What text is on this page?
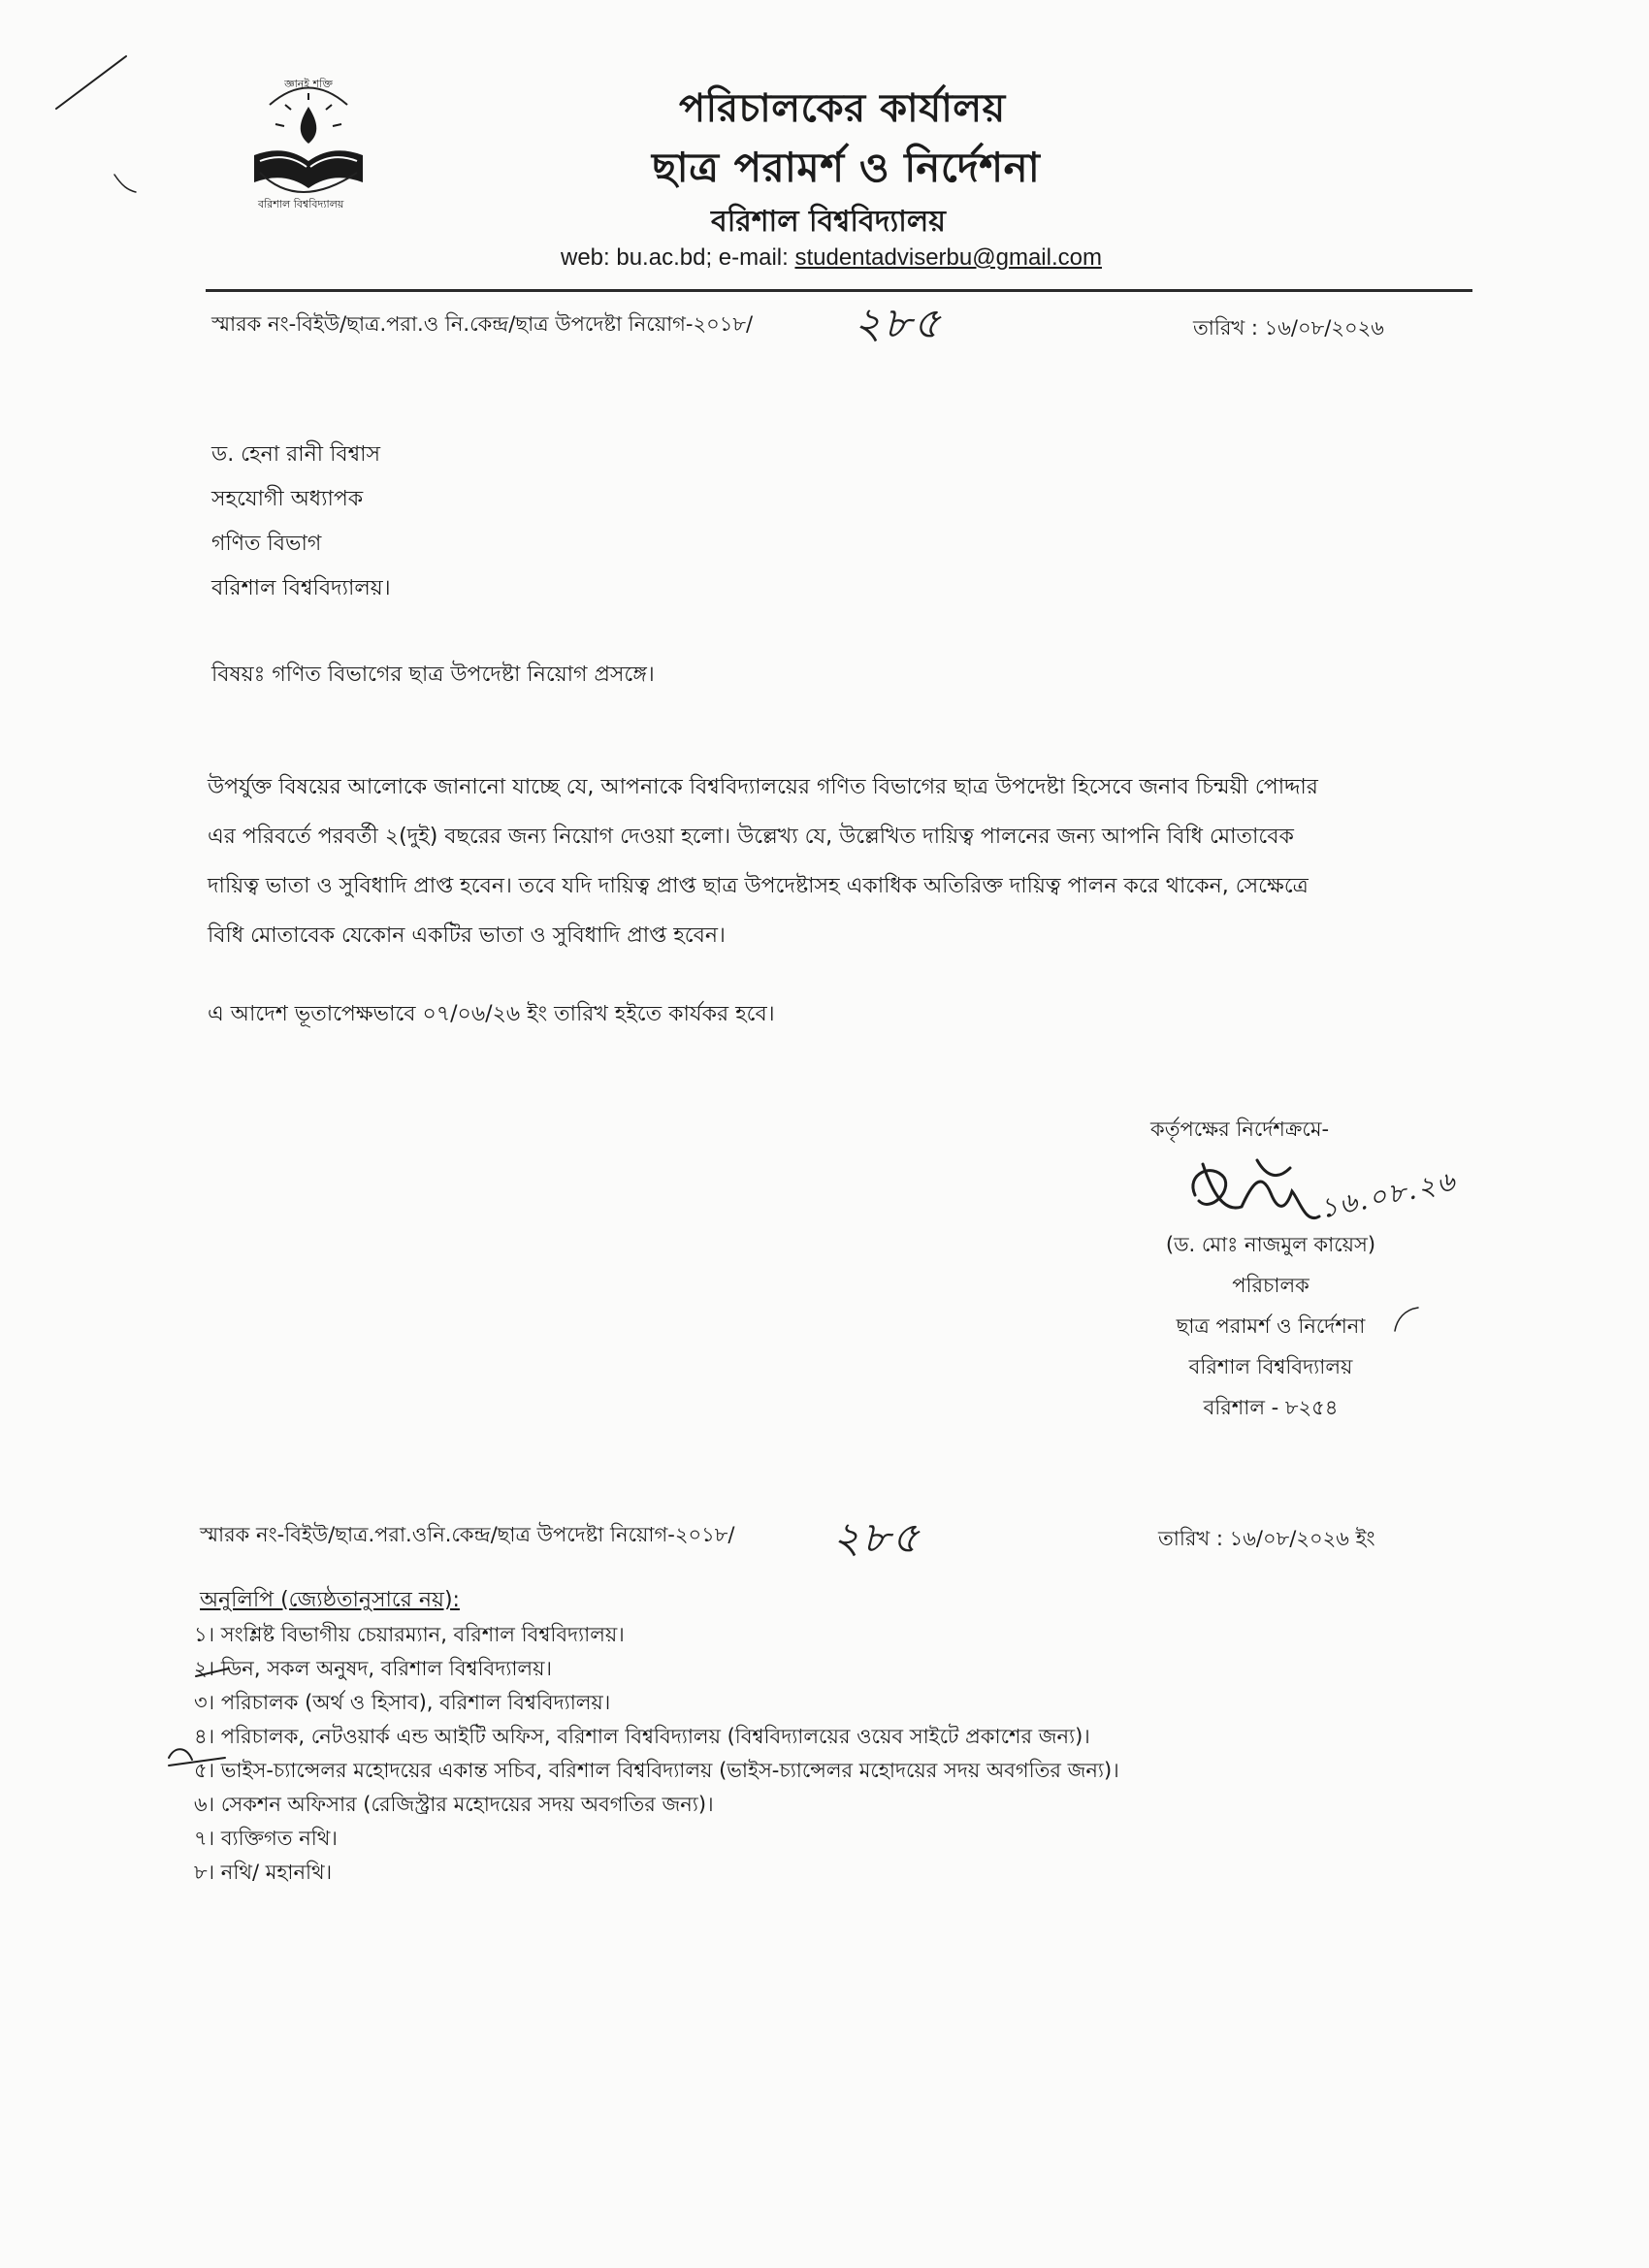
জ্ঞানই শক্তি
বরিশাল বিশ্ববিদ্যালয়
পরিচালকের কার্যালয়
ছাত্র পরামর্শ ও নির্দেশনা
বরিশাল বিশ্ববিদ্যালয়
web: bu.ac.bd; e-mail: studentadviserbu@gmail.com
স্মারক নং-বিইউ/ছাত্র.পরা.ও নি.কেন্দ্র/ছাত্র উপদেষ্টা নিয়োগ-২০১৮/ ২৮৫	তারিখ : ১৬/০৮/২০২৬
ড. হেনা রানী বিশ্বাস
সহযোগী অধ্যাপক
গণিত বিভাগ
বরিশাল বিশ্ববিদ্যালয়।
বিষয়ঃ গণিত বিভাগের ছাত্র উপদেষ্টা নিয়োগ প্রসঙ্গে।
উপর্যুক্ত বিষয়ের আলোকে জানানো যাচ্ছে যে, আপনাকে বিশ্ববিদ্যালয়ের গণিত বিভাগের ছাত্র উপদেষ্টা হিসেবে জনাব চিন্ময়ী পোদ্দার
এর পরিবর্তে পরবর্তী ২(দুই) বছরের জন্য নিয়োগ দেওয়া হলো। উল্লেখ্য যে, উল্লেখিত দায়িত্ব পালনের জন্য আপনি বিধি মোতাবেক
দায়িত্ব ভাতা ও সুবিধাদি প্রাপ্ত হবেন। তবে যদি দায়িত্ব প্রাপ্ত ছাত্র উপদেষ্টাসহ একাধিক অতিরিক্ত দায়িত্ব পালন করে থাকেন, সেক্ষেত্রে
বিধি মোতাবেক যেকোন একটির ভাতা ও সুবিধাদি প্রাপ্ত হবেন।
এ আদেশ ভূতাপেক্ষভাবে ০৭/০৬/২৬ ইং তারিখ হইতে কার্যকর হবে।
কর্তৃপক্ষের নির্দেশক্রমে-
১৬.০৮.২৬
(ড. মোঃ নাজমুল কায়েস)
পরিচালক
ছাত্র পরামর্শ ও নির্দেশনা
বরিশাল বিশ্ববিদ্যালয়
বরিশাল - ৮২৫৪
স্মারক নং-বিইউ/ছাত্র.পরা.ওনি.কেন্দ্র/ছাত্র উপদেষ্টা নিয়োগ-২০১৮/ ২৮৫	তারিখ : ১৬/০৮/২০২৬ ইং
অনুলিপি (জ্যেষ্ঠতানুসারে নয়):
১। সংশ্লিষ্ট বিভাগীয় চেয়ারম্যান, বরিশাল বিশ্ববিদ্যালয়।
২। ডিন, সকল অনুষদ, বরিশাল বিশ্ববিদ্যালয়।
৩। পরিচালক (অর্থ ও হিসাব), বরিশাল বিশ্ববিদ্যালয়।
৪। পরিচালক, নেটওয়ার্ক এন্ড আইটি অফিস, বরিশাল বিশ্ববিদ্যালয় (বিশ্ববিদ্যালয়ের ওয়েব সাইটে প্রকাশের জন্য)।
৫। ভাইস-চ্যান্সেলর মহোদয়ের একান্ত সচিব, বরিশাল বিশ্ববিদ্যালয় (ভাইস-চ্যান্সেলর মহোদয়ের সদয় অবগতির জন্য)।
৬। সেকশন অফিসার (রেজিস্ট্রার মহোদয়ের সদয় অবগতির জন্য)।
৭। ব্যক্তিগত নথি।
৮। নথি/ মহানথি।
